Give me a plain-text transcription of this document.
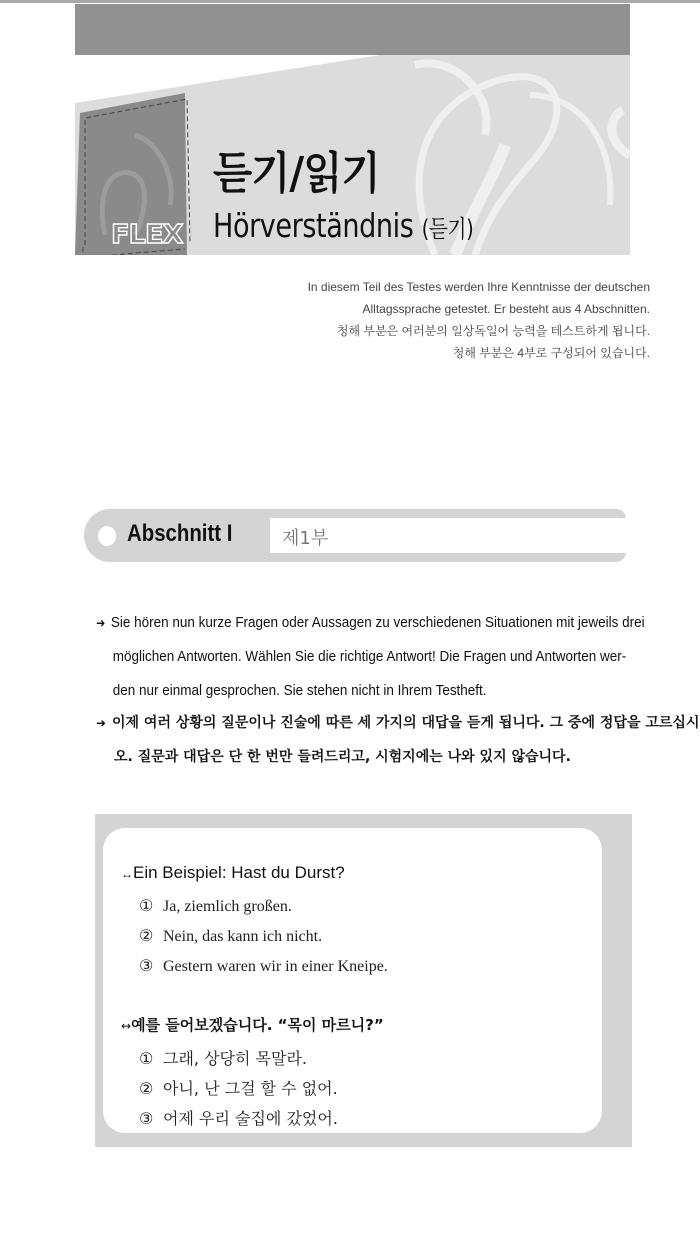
FLEX
듣기/읽기
Hörverständnis (듣기)
In diesem Teil des Testes werden Ihre Kenntnisse der deutschen
Alltagssprache getestet. Er besteht aus 4 Abschnitten.
청해 부분은 여러분의 일상독일어 능력을 테스트하게 됩니다.
청해 부분은 4부로 구성되어 있습니다.
Abschnitt I	제1부
➜ Sie hören nun kurze Fragen oder Aussagen zu verschiedenen Situationen mit jeweils drei
möglichen Antworten. Wählen Sie die richtige Antwort! Die Fragen und Antworten wer-
den nur einmal gesprochen. Sie stehen nicht in Ihrem Testheft.
➜ 이제 여러 상황의 질문이나 진술에 따른 세 가지의 대답을 듣게 됩니다. 그 중에 정답을 고르십시
오. 질문과 대답은 단 한 번만 들려드리고, 시험지에는 나와 있지 않습니다.
↔Ein Beispiel: Hast du Durst?
① Ja, ziemlich großen.
② Nein, das kann ich nicht.
③ Gestern waren wir in einer Kneipe.
↔예를 들어보겠습니다. “목이 마르니?”
① 그래, 상당히 목말라.
② 아니, 난 그걸 할 수 없어.
③ 어제 우리 술집에 갔었어.
